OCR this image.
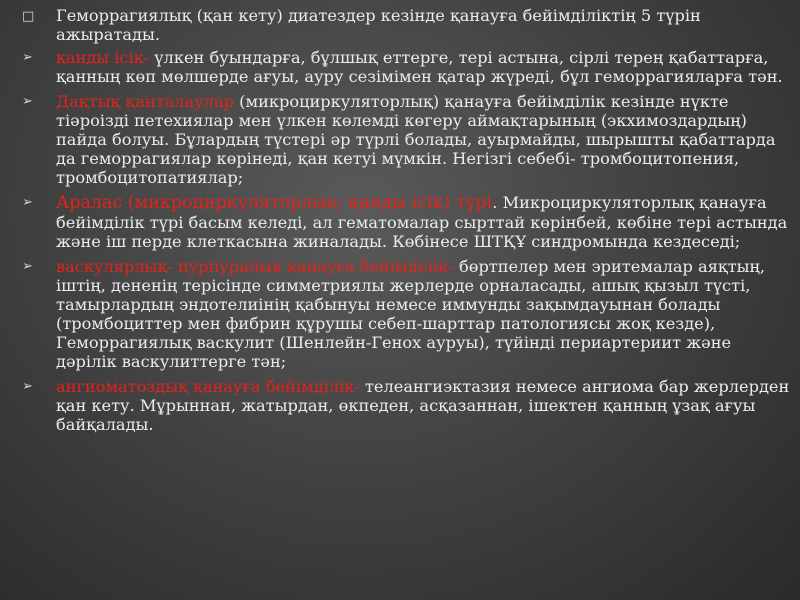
□ Геморрагиялық (қан кету) диатездер кезінде қанауға бейімділіктің 5 түрін ажыратады.
➢ қанды ісік- үлкен буындарға, бұлшық еттерге, тері астына, сірлі терең қабаттарға, қанның көп мөлшерде ағуы, ауру сезімімен қатар жүреді, бұл геморрагияларға тән.
➢ Дақтық қанталаулар (микроциркуляторлық) қанауға бейімділік кезінде нүкте тіәроізді петехиялар мен үлкен көлемді көгеру аймақтарының (экхимоздардың) пайда болуы. Бұлардың түстері әр түрлі болады, ауырмайды, шырышты қабаттарда да геморрагиялар көрінеді, қан кетуі мүмкін. Негізгі себебі- тромбоцитопения, тромбоцитопатиялар;
➢ Аралас (микроциркуляторлық- қанды ісік) түрі. Микроциркуляторлық қанауға бейімділік түрі басым келеді, ал гематомалар сырттай көрінбей, көбіне тері астында және іш перде клеткасына жиналады. Көбінесе ШТҚҰ синдромында кездеседі;
➢ васкулярлық- пурпуралық қанауға бейімділік- бөртпелер мен эритемалар аяқтың, іштің, дененің терісінде симметриялы жерлерде орналасады, ашық қызыл түсті, тамырлардың эндотелиінің қабынуы немесе иммунды зақымдауынан болады (тромбоциттер мен фибрин құрушы себеп-шарттар патологиясы жоқ кезде), Геморрагиялық васкулит (Шенлейн-Генох ауруы), түйінді периартериит және дәрілік васкулиттерге тән;
➢ ангиоматоздық қанауға бейімділік- телеангиэктазия немесе ангиома бар жерлерден қан кету. Мұрыннан, жатырдан, өкпеден, асқазаннан, ішектен қанның ұзақ ағуы байқалады.
